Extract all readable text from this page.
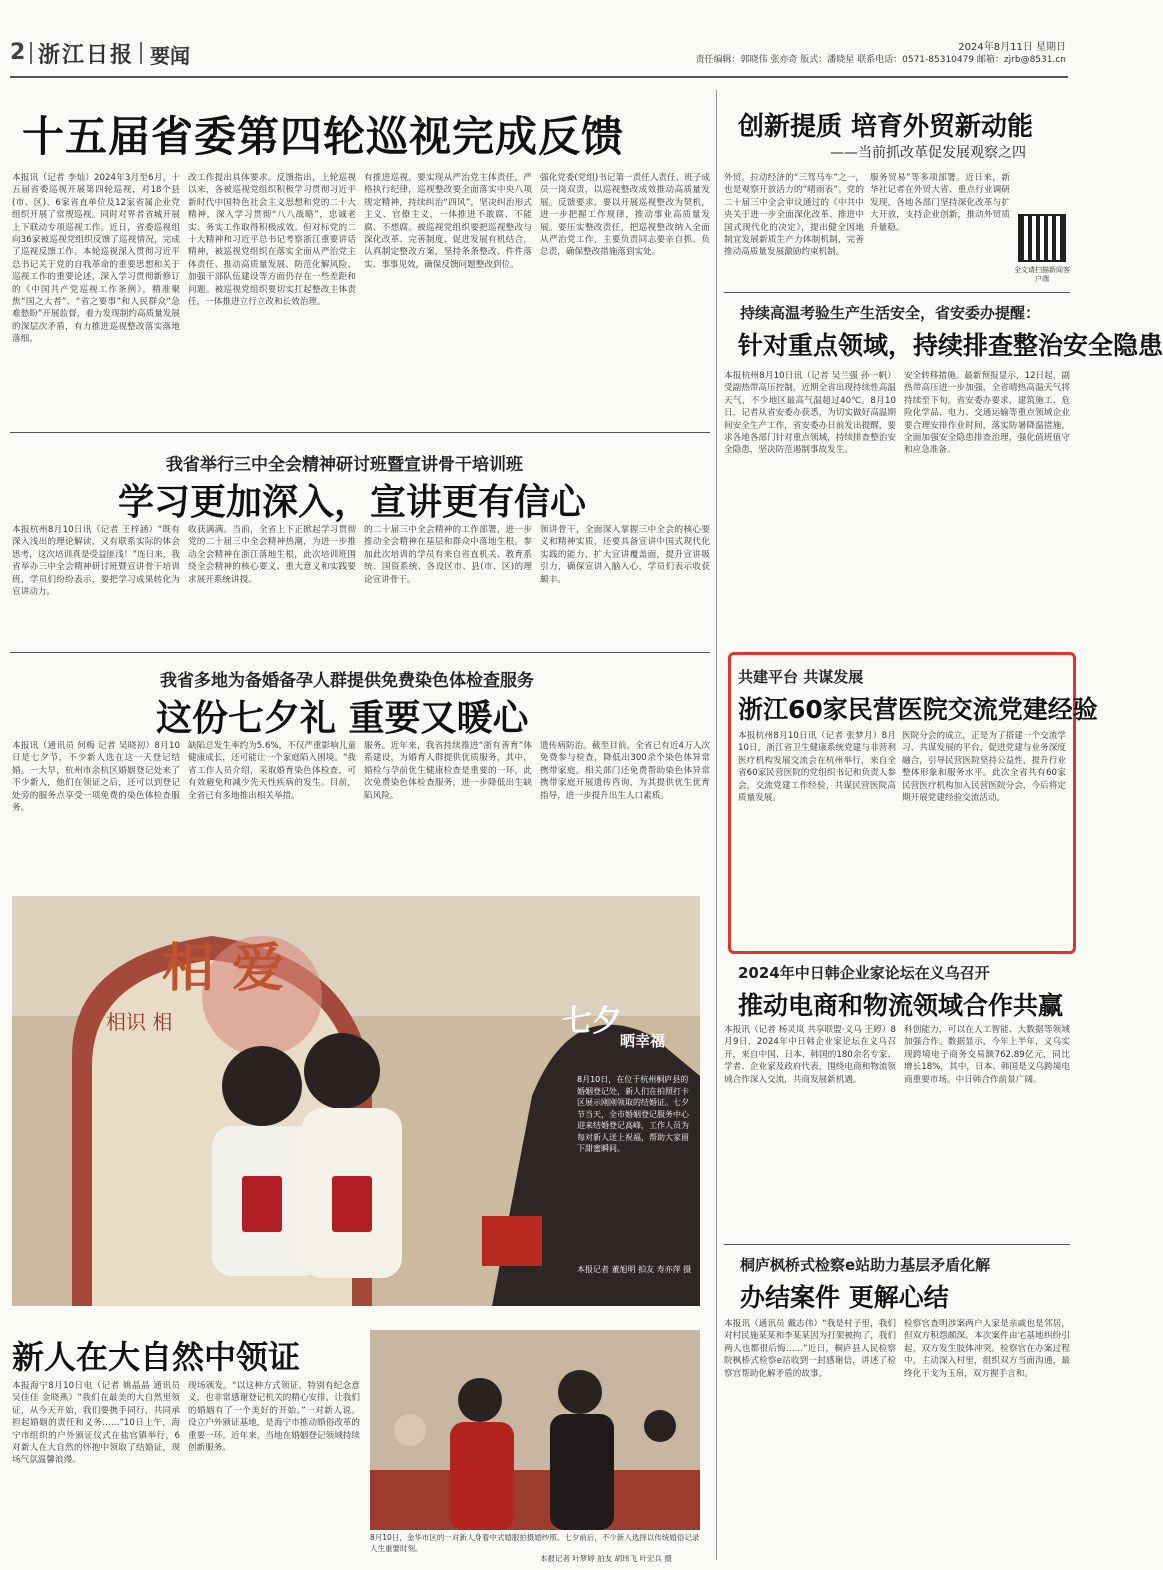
2 浙江日报 要闻	2024年8月11日 星期日
责任编辑：郭晓伟 张亦奇 版式：潘晓星 联系电话：0571-85310479 邮箱：zjrb@8531.cn
十五届省委第四轮巡视完成反馈
本报讯（记者 李灿）2024年3月至6月，十五届省委巡视开展第四轮巡视，对18个县(市、区)、6家省直单位及12家省属企业党组织开展了常规巡视。同时对界者省城开展上下联动专项巡视工作。近日，省委巡视组向36家被巡视党组织反馈了巡视情况，完成了巡视反馈工作。本轮巡视深入贯彻习近平总书记关于党的自我革命的重要思想和关于巡视工作的重要论述，深入学习贯彻新修订的《中国共产党巡视工作条例》，精准聚焦“国之大者”、“省之要事”和人民群众“急难愁盼”开展监督，着力发现制约高质量发展的深层次矛盾，有力推进巡视整改落实落地落细。
改工作提出具体要求。反馈指出，上轮巡视以来，各被巡视党组织积极学习贯彻习近平新时代中国特色社会主义思想和党的二十大精神，深入学习贯彻“八八战略”，忠诚老实、务实工作取得积极成效。但对标党的二十大精神和习近平总书记考察浙江重要讲话精神，被巡视党组织在落实全面从严治党主体责任、推动高质量发展、防范化解风险、加强干部队伍建设等方面仍存在一些差距和问题。被巡视党组织要切实扛起整改主体责任，一体推进立行立改和长效治理。
有推进巡视。要实现从严治党主体责任，严格执行纪律，巡视整改要全面落实中央八项规定精神，持续纠治“四风”，坚决纠治形式主义、官僚主义，一体推进不敢腐、不能腐、不想腐。被巡视党组织要把巡视整改与深化改革、完善制度、促进发展有机结合，认真制定整改方案，坚持条条整改、件件落实、事事见效，确保反馈问题整改到位。
强化党委(党组)书记第一责任人责任、班子成员一岗双责，以巡视整改成效推动高质量发展。反馈要求，要以开展巡视整改为契机，进一步把握工作规律，推动事业高质量发展。要压实整改责任，把巡视整改纳入全面从严治党工作，主要负责同志要亲自抓、负总责，确保整改措施落到实处。
我省举行三中全会精神研讨班暨宣讲骨干培训班
学习更加深入，宣讲更有信心
本报杭州8月10日讯（记者 王梓涵）“既有深入浅出的理论解读，又有联系实际的体会思考，这次培训真是受益匪浅！”连日来，我省举办三中全会精神研讨班暨宣讲骨干培训班，学员们纷纷表示，要把学习成果转化为宣讲动力。
收获满满。当前，全省上下正掀起学习贯彻党的二十届三中全会精神热潮，为进一步推动全会精神在浙江落地生根，此次培训班围绕全会精神的核心要义、重大意义和实践要求展开系统讲授。
的二十届三中全会精神的工作部署，进一步推动全会精神在基层和群众中落地生根。参加此次培训的学员有来自省直机关、教育系统、国资系统、各设区市、县(市、区)的理论宣讲骨干。
领讲骨干，全面深入掌握三中全会的核心要义和精神实质，还要具备宣讲中国式现代化实践的能力，扩大宣讲覆盖面，提升宣讲吸引力，确保宣讲入脑入心，学员们表示收获颇丰。
我省多地为备婚备孕人群提供免费染色体检查服务
这份七夕礼 重要又暖心
本报讯（通讯员 何梅 记者 吴晓初）8月10日是七夕节，不少新人选在这一天登记结婚。一大早，杭州市余杭区婚姻登记处来了不少新人，他们在领证之后，还可以到登记处旁的服务点享受一项免费的染色体检查服务。
缺陷总发生率约为5.6%，不仅严重影响儿童健康成长，还可能让一个家庭陷入困境。“我省工作人员介绍，采取婚育染色体检查，可有效避免和减少先天性疾病的发生。目前，全省已有多地推出相关举措。
服务。近年来，我省持续推进“浙有善育”体系建设，为婚育人群提供优质服务，其中，婚检与孕前优生健康检查是重要的一环，此次免费染色体检查服务，进一步降低出生缺陷风险。
遗传病防治。截至目前，全省已有近4万人次免费参与检查，降低出300余个染色体异常携带家庭。相关部门还免费帮助染色体异常携带家庭开展遗传咨询，为其提供优生优育指导，进一步提升出生人口素质。
相 爱
相识 相	七夕
晒幸福
8月10日，在位于杭州桐庐县的婚姻登记处，新人们在拍照打卡区展示刚刚领取的结婚证。七夕节当天，全市婚姻登记服务中心迎来结婚登记高峰，工作人员为每对新人送上祝福，帮助大家留下甜蜜瞬间。
本报记者 董旭明 拍友 寿亦萍 摄
新人在大自然中领证
本报海宁8月10日电（记者 姚晶晶 通讯员 吴佳佳 金晓燕）“我们在最美的大自然里领证，从今天开始，我们要携手同行，共同承担起婚姻的责任和义务……”10日上午，海宁市组织的户外颁证仪式在盐官镇举行，6对新人在大自然的怀抱中领取了结婚证，现场气氛温馨浪漫。
现场颁发。“以这种方式领证，特别有纪念意义，也非常感谢登记机关的精心安排，让我们的婚姻有了一个美好的开始。”一对新人说。设立户外颁证基地，是海宁市推动婚俗改革的重要一环。近年来，当地在婚姻登记领域持续创新服务。
8月10日，金华市区的一对新人身着中式婚服拍摄婚纱照。七夕前后，不少新人选择以传统婚俗记录人生重要时刻。
本报记者 叶梦婷 拍友 胡玮飞 叶宏兵 摄
创新提质 培育外贸新动能
——当前抓改革促发展观察之四
外贸，拉动经济的“三驾马车”之一，也是观察开放活力的“晴雨表”。党的二十届三中全会审议通过的《中共中央关于进一步全面深化改革、推进中国式现代化的决定》，提出健全因地制宜发展新质生产力体制机制，完善推动高质量发展激励约束机制。
服务贸易”等多项部署。近日来，新华社记者在外贸大省、重点行业调研发现，各地各部门坚持深化改革与扩大开放，支持企业创新，推动外贸质升量稳。
全文请扫描新闻客户端
持续高温考验生产生活安全，省安委办提醒：
针对重点领域，持续排查整治安全隐患
本报杭州8月10日讯（记者 吴兰强 孙一帆）受副热带高压控制，近期全省出现持续性高温天气，不少地区最高气温超过40℃。8月10日，记者从省安委办获悉，为切实做好高温期间安全生产工作，省安委办日前发出提醒，要求各地各部门针对重点领域，持续排查整治安全隐患，坚决防范遏制事故发生。
安全转移措施。最新预报显示，12日起，副热带高压进一步加强，全省晴热高温天气将持续至下旬。省安委办要求，建筑施工、危险化学品、电力、交通运输等重点领域企业要合理安排作业时间，落实防暑降温措施，全面加强安全隐患排查治理，强化值班值守和应急准备。
共建平台 共谋发展
浙江60家民营医院交流党建经验
本报杭州8月10日讯（记者 张梦月）8月10日，浙江省卫生健康系统党建与非营利医疗机构发展交流会在杭州举行，来自全省60家民营医院的党组织书记和负责人参会，交流党建工作经验，共谋民营医院高质量发展。
医院分会的成立，正是为了搭建一个交流学习、共谋发展的平台，促进党建与业务深度融合，引导民营医院坚持公益性，提升行业整体形象和服务水平。此次全省共有60家民营医疗机构加入民营医院分会，今后将定期开展党建经验交流活动。
2024年中日韩企业家论坛在义乌召开
推动电商和物流领域合作共赢
本报讯（记者 杨灵岚 共享联盟·义乌 王婷）8月9日，2024年中日韩企业家论坛在义乌召开，来自中国、日本、韩国的180余名专家、学者、企业家及政府代表，围绕电商和物流领域合作深入交流，共商发展新机遇。
科创能力，可以在人工智能、大数据等领域加强合作。数据显示，今年上半年，义乌实现跨境电子商务交易额762.89亿元，同比增长18%，其中，日本、韩国是义乌跨境电商重要市场。中日韩合作前景广阔。
桐庐枫桥式检察e站助力基层矛盾化解
办结案件 更解心结
本报讯（通讯员 戴志伟）“我是村子里，我们对村民施某某和李某某因为打架被拘了，我们两人也都很后悔……”近日，桐庐县人民检察院枫桥式检察e站收到一封感谢信，讲述了检察官帮助化解矛盾的故事。
检察官查明涉案两户人家是亲戚也是邻居，但双方积怨颇深。本次案件由宅基地纠纷引起，双方发生肢体冲突。检察官在办案过程中，主动深入村里，组织双方当面沟通，最终化干戈为玉帛，双方握手言和。
